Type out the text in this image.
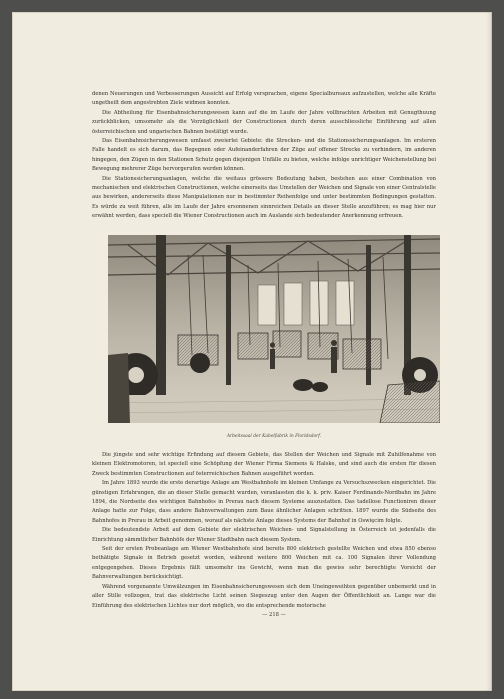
denen Neuerungen und Verbesserungen Aussicht auf Erfolg versprachen, eigene Specialbureaux aufzustellen, welche alle Kräfte ungetheilt dem angestrebten Ziele widmen konnten.

Die Abtheilung für Eisenbahnsicherungswesen kann auf die im Laufe der Jahre vollbrachten Arbeiten mit Genugthuung zurückblicken, umsomehr als die Vorzüglichkeit der Constructionen durch deren ausschliessliche Einführung auf allen österreichischen und ungarischen Bahnen bestätigt wurde.

Das Eisenbahnsicherungswesen umfasst zweierlei Gebiete: die Strecken- und die Stationssicherungsanlagen. Im ersteren Falle handelt es sich darum, das Begegnen oder Aufeinanderfahren der Züge auf offener Strecke zu verhindern, im anderen hingegen, den Zügen in den Stationen Schutz gegen diejenigen Unfälle zu bieten, welche infolge unrichtiger Weichenstellung bei Bewegung mehrerer Züge hervorgerufen werden können.

Die Stationssicherungsanlagen, welche die weitaus grössere Bedeutung haben, bestehen aus einer Combination von mechanischen und elektrischen Constructionen, welche einerseits das Umstellen der Weichen und Signale von einer Centralstelle aus bewirken, andererseits diese Manipulationen nur in bestimmter Reihenfolge und unter bestimmten Bedingungen gestatten. Es würde zu weit führen, alle im Laufe der Jahre ersonnenen sinnreichen Details an dieser Stelle anzuführen; es mag hier nur erwähnt werden, dass speciell die Wiener Constructionen auch im Auslande sich bedeutender Anerkennung erfreuen.

Arbeitssaal der Kabelfabrik in Floridsdorf.

Die jüngste und sehr wichtige Erfindung auf diesem Gebiete, das Stellen der Weichen und Signale mit Zuhilfenahme von kleinen Elektromotoren, ist speciell eine Schöpfung der Wiener Firma Siemens & Halske, und sind auch die ersten für diesen Zweck bestimmten Constructionen auf österreichischen Bahnen ausgeführt worden.

Im Jahre 1893 wurde die erste derartige Anlage am Westbahnhofe im kleinen Umfange zu Versuchszwecken eingerichtet. Die günstigen Erfahrungen, die an dieser Stelle gemacht wurden, veranlassten die k. k. priv. Kaiser Ferdinands-Nordbahn im Jahre 1894, die Nordseite des wichtigen Bahnhofes in Prerau nach diesem Systeme auszustatten. Das tadellose Functioniren dieser Anlage hatte zur Folge, dass andere Bahnverwaltungen zum Baue ähnlicher Anlagen schritten. 1897 wurde die Südseite des Bahnhofes in Prerau in Arbeit genommen, worauf als nächste Anlage dieses Systems der Bahnhof in Oswięcim folgte.

Die bedeutendste Arbeit auf dem Gebiete der elektrischen Weichen- und Signalstellung in Österreich ist jedenfalls die Einrichtung sämmtlicher Bahnhöfe der Wiener Stadtbahn nach diesem System.

Seit der ersten Probeanlage am Wiener Westbahnhofe sind bereits 800 elektrisch gestellte Weichen und etwa 850 ebenso bethätigte Signale in Betrieb gesetzt worden, während weitere 800 Weichen mit ca. 100 Signalen ihrer Vollendung entgegengehen. Dieses Ergebnis fällt umsomehr ins Gewicht, wenn man die gewiss sehr berechtigte Vorsicht der Bahnverwaltungen berücksichtigt.

Während vorgenannte Umwälzungen im Eisenbahnsicherungswesen sich dem Uneingeweihten gegenüber unbemerkt und in aller Stille vollzogen, trat das elektrische Licht seinen Siegeszug unter den Augen der Öffentlichkeit an. Lange war die Einführung des elektrischen Lichtes nur dort möglich, wo die entsprechende motorische

— 218 —
